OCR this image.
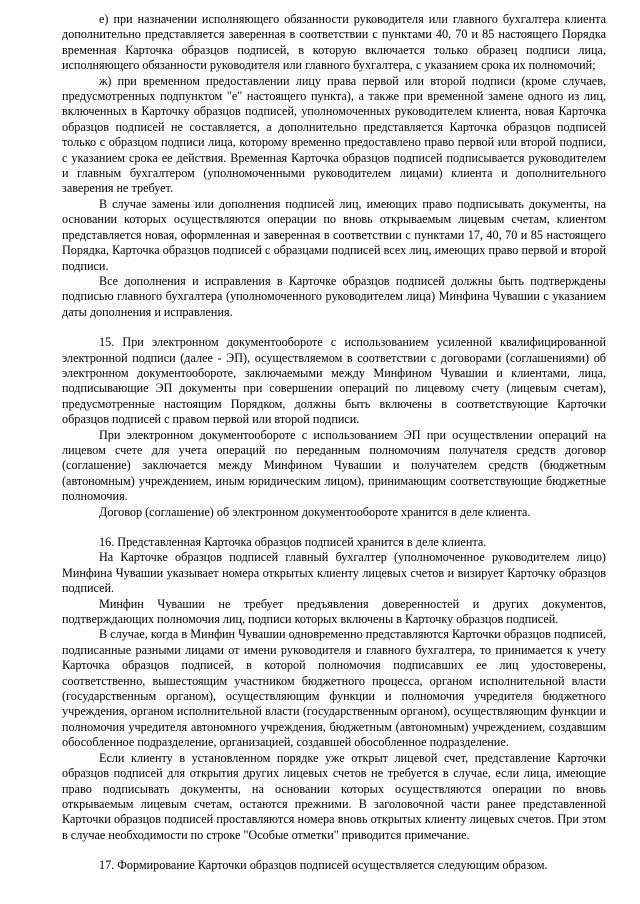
е) при назначении исполняющего обязанности руководителя или главного бухгалтера клиента дополнительно представляется заверенная в соответствии с пунктами 40, 70 и 85 настоящего Порядка временная Карточка образцов подписей, в которую включается только образец подписи лица, исполняющего обязанности руководителя или главного бухгалтера, с указанием срока их полномочий;

ж) при временном предоставлении лицу права первой или второй подписи (кроме случаев, предусмотренных подпунктом "е" настоящего пункта), а также при временной замене одного из лиц, включенных в Карточку образцов подписей, уполномоченных руководителем клиента, новая Карточка образцов подписей не составляется, а дополнительно представляется Карточка образцов подписей только с образцом подписи лица, которому временно предоставлено право первой или второй подписи, с указанием срока ее действия. Временная Карточка образцов подписей подписывается руководителем и главным бухгалтером (уполномоченными руководителем лицами) клиента и дополнительного заверения не требует.

В случае замены или дополнения подписей лиц, имеющих право подписывать документы, на основании которых осуществляются операции по вновь открываемым лицевым счетам, клиентом представляется новая, оформленная и заверенная в соответствии с пунктами 17, 40, 70 и 85 настоящего Порядка, Карточка образцов подписей с образцами подписей всех лиц, имеющих право первой и второй подписи.

Все дополнения и исправления в Карточке образцов подписей должны быть подтверждены подписью главного бухгалтера (уполномоченного руководителем лица) Минфина Чувашии с указанием даты дополнения и исправления.

15. При электронном документообороте с использованием усиленной квалифицированной электронной подписи (далее - ЭП), осуществляемом в соответствии с договорами (соглашениями) об электронном документообороте, заключаемыми между Минфином Чувашии и клиентами, лица, подписывающие ЭП документы при совершении операций по лицевому счету (лицевым счетам), предусмотренные настоящим Порядком, должны быть включены в соответствующие Карточки образцов подписей с правом первой или второй подписи.

При электронном документообороте с использованием ЭП при осуществлении операций на лицевом счете для учета операций по переданным полномочиям получателя средств договор (соглашение) заключается между Минфином Чувашии и получателем средств (бюджетным (автономным) учреждением, иным юридическим лицом), принимающим соответствующие бюджетные полномочия.

Договор (соглашение) об электронном документообороте хранится в деле клиента.

16. Представленная Карточка образцов подписей хранится в деле клиента.

На Карточке образцов подписей главный бухгалтер (уполномоченное руководителем лицо) Минфина Чувашии указывает номера открытых клиенту лицевых счетов и визирует Карточку образцов подписей.

Минфин Чувашии не требует предъявления доверенностей и других документов, подтверждающих полномочия лиц, подписи которых включены в Карточку образцов подписей.

В случае, когда в Минфин Чувашии одновременно представляются Карточки образцов подписей, подписанные разными лицами от имени руководителя и главного бухгалтера, то принимается к учету Карточка образцов подписей, в которой полномочия подписавших ее лиц удостоверены, соответственно, вышестоящим участником бюджетного процесса, органом исполнительной власти (государственным органом), осуществляющим функции и полномочия учредителя бюджетного учреждения, органом исполнительной власти (государственным органом), осуществляющим функции и полномочия учредителя автономного учреждения, бюджетным (автономным) учреждением, создавшим обособленное подразделение, организацией, создавшей обособленное подразделение.

Если клиенту в установленном порядке уже открыт лицевой счет, представление Карточки образцов подписей для открытия других лицевых счетов не требуется в случае, если лица, имеющие право подписывать документы, на основании которых осуществляются операции по вновь открываемым лицевым счетам, остаются прежними. В заголовочной части ранее представленной Карточки образцов подписей проставляются номера вновь открытых клиенту лицевых счетов. При этом в случае необходимости по строке "Особые отметки" приводится примечание.

17. Формирование Карточки образцов подписей осуществляется следующим образом.
